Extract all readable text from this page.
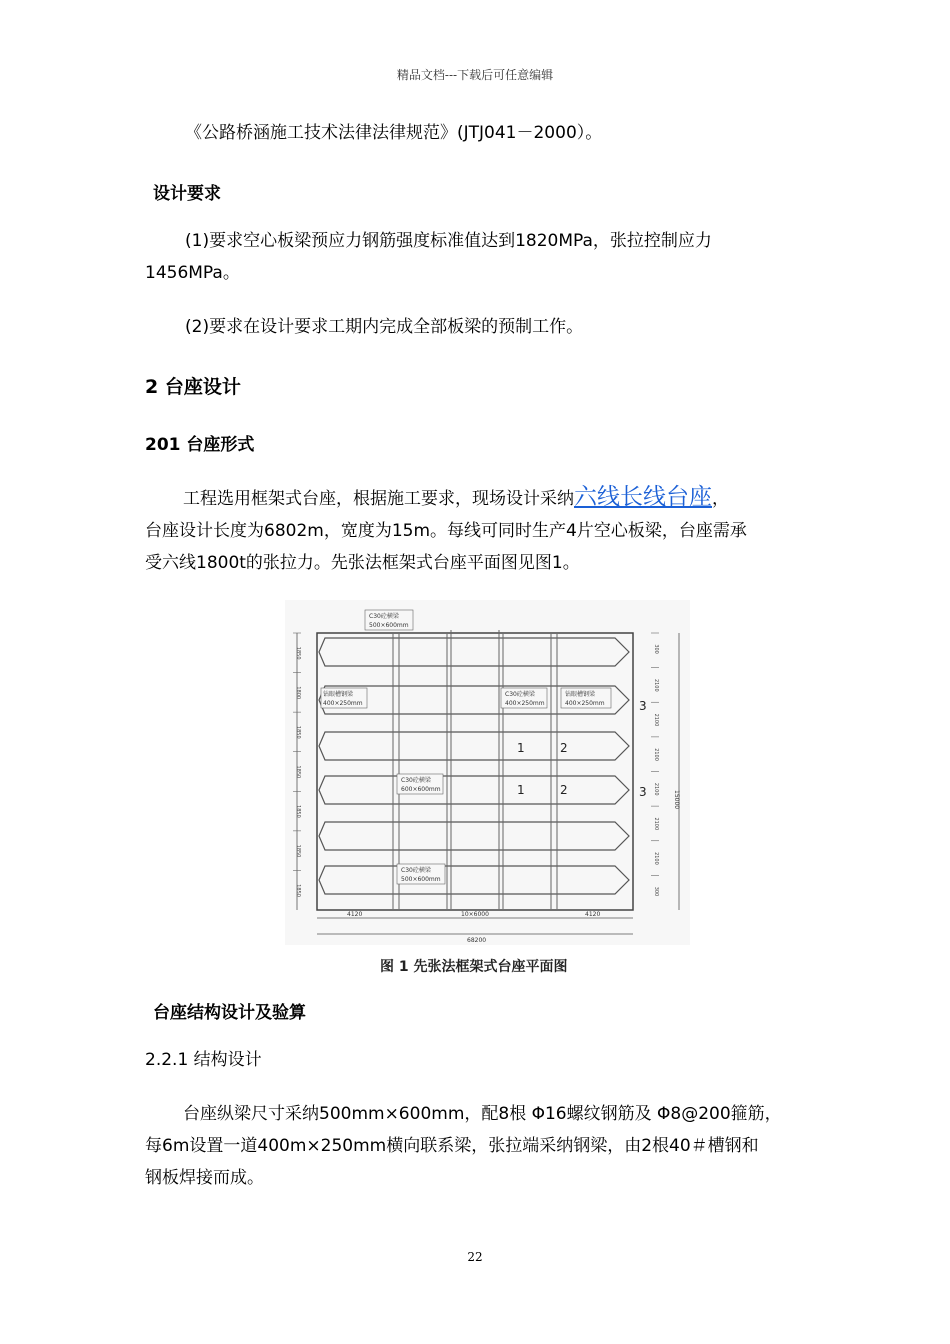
精品文档---下载后可任意编辑
《公路桥涵施工技术法律法律规范》(JTJ041－2000）。
设计要求
(1)要求空心板梁预应力钢筋强度标准值达到1820MPa，张拉控制应力
1456MPa。
(2)要求在设计要求工期内完成全部板梁的预制工作。
2 台座设计
201 台座形式
工程选用框架式台座，根据施工要求，现场设计采纳六线长线台座，
台座设计长度为6802m，宽度为15m。每线可同时生产4片空心板梁，台座需承
受六线1800t的张拉力。先张法框架式台座平面图见图1。
C30砼横梁
500×600mm
钻眼槽钢梁
400×250mm
C30砼横梁
400×250mm
钻眼槽钢梁
400×250mm
C30砼横梁
600×600mm
C30砼横梁
500×600mm
1	2
1	2
3
3
4120	10×6000	4120
68200
15000
1850
1800
1850
1850
1850
1850
1850
300
2100
2100
2100
2100
2100
2100
300
图 1 先张法框架式台座平面图
台座结构设计及验算
2.2.1 结构设计
台座纵梁尺寸采纳500mm×600mm，配8根 Φ16螺纹钢筋及 Φ8@200箍筋，
每6m设置一道400m×250mm横向联系梁，张拉端采纳钢梁，由2根40＃槽钢和
钢板焊接而成。
22
